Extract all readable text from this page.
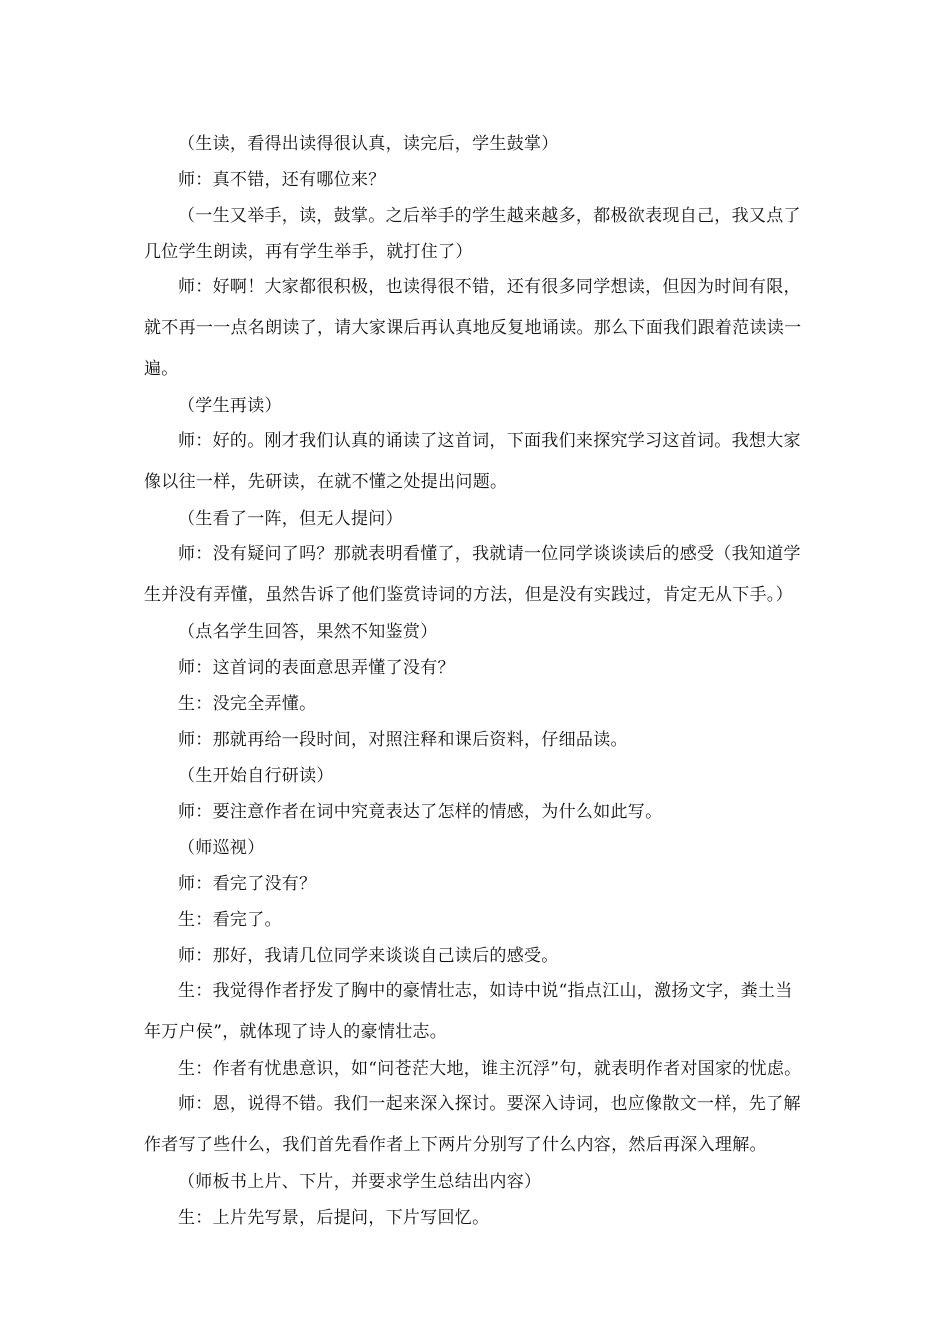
（生读，看得出读得很认真，读完后，学生鼓掌）

师：真不错，还有哪位来？

（一生又举手，读，鼓掌。之后举手的学生越来越多，都极欲表现自己，我又点了几位学生朗读，再有学生举手，就打住了）

师：好啊！大家都很积极，也读得很不错，还有很多同学想读，但因为时间有限，就不再一一点名朗读了，请大家课后再认真地反复地诵读。那么下面我们跟着范读读一遍。

（学生再读）

师：好的。刚才我们认真的诵读了这首词，下面我们来探究学习这首词。我想大家像以往一样，先研读，在就不懂之处提出问题。

（生看了一阵，但无人提问）

师：没有疑问了吗？那就表明看懂了，我就请一位同学谈谈读后的感受（我知道学生并没有弄懂，虽然告诉了他们鉴赏诗词的方法，但是没有实践过，肯定无从下手。）

（点名学生回答，果然不知鉴赏）

师：这首词的表面意思弄懂了没有？

生：没完全弄懂。

师：那就再给一段时间，对照注释和课后资料，仔细品读。

（生开始自行研读）

师：要注意作者在词中究竟表达了怎样的情感，为什么如此写。

（师巡视）

师：看完了没有？

生：看完了。

师：那好，我请几位同学来谈谈自己读后的感受。

生：我觉得作者抒发了胸中的豪情壮志，如诗中说“指点江山，激扬文字，粪土当年万户侯”，就体现了诗人的豪情壮志。

生：作者有忧患意识，如“问苍茫大地，谁主沉浮”句，就表明作者对国家的忧虑。

师：恩，说得不错。我们一起来深入探讨。要深入诗词，也应像散文一样，先了解作者写了些什么，我们首先看作者上下两片分别写了什么内容，然后再深入理解。

（师板书上片、下片，并要求学生总结出内容）

生：上片先写景，后提问，下片写回忆。
